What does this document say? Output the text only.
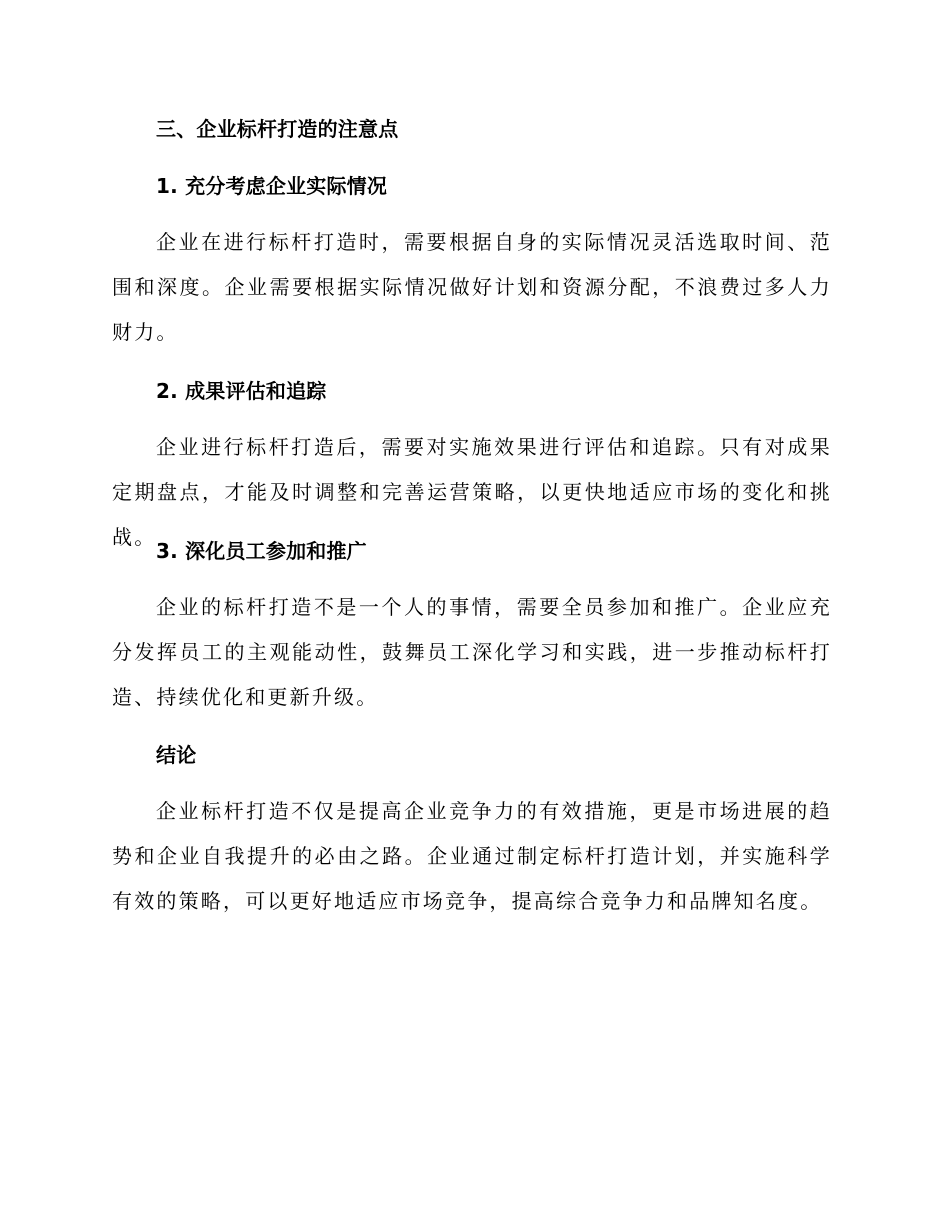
三、企业标杆打造的注意点
1. 充分考虑企业实际情况
企业在进行标杆打造时，需要根据自身的实际情况灵活选取时间、范围和深度。企业需要根据实际情况做好计划和资源分配，不浪费过多人力财力。
2. 成果评估和追踪
企业进行标杆打造后，需要对实施效果进行评估和追踪。只有对成果定期盘点，才能及时调整和完善运营策略，以更快地适应市场的变化和挑战。
3. 深化员工参加和推广
企业的标杆打造不是一个人的事情，需要全员参加和推广。企业应充分发挥员工的主观能动性，鼓舞员工深化学习和实践，进一步推动标杆打造、持续优化和更新升级。
结论
企业标杆打造不仅是提高企业竞争力的有效措施，更是市场进展的趋势和企业自我提升的必由之路。企业通过制定标杆打造计划，并实施科学有效的策略，可以更好地适应市场竞争，提高综合竞争力和品牌知名度。
